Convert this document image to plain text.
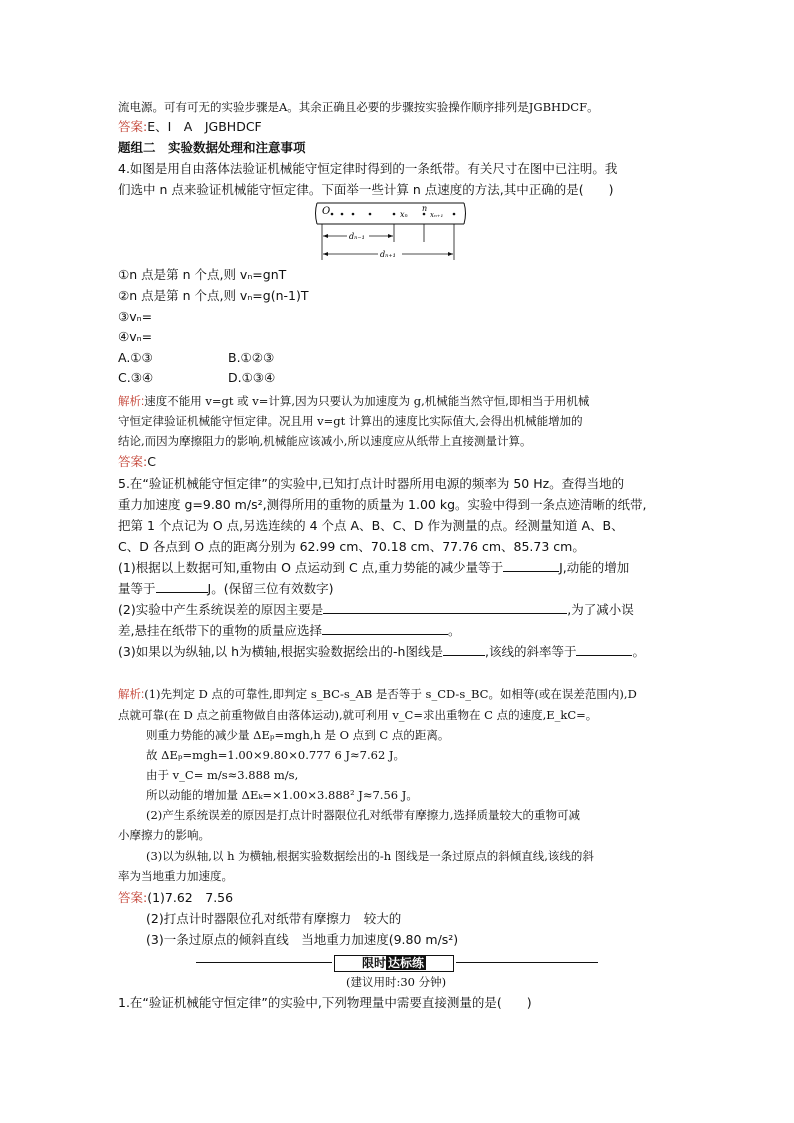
流电源。可有可无的实验步骤是A。其余正确且必要的步骤按实验操作顺序排列是JGBHDCF。
答案:E、I　A　JGBHDCF
题组二　实验数据处理和注意事项
4.如图是用自由落体法验证机械能守恒定律时得到的一条纸带。有关尺寸在图中已注明。我
们选中 n 点来验证机械能守恒定律。下面举一些计算 n 点速度的方法,其中正确的是(　　)
O	xₙ
n
xₙ₊₁
dₙ₋₁
dₙ₊₁
①n 点是第 n 个点,则 vₙ=gnT
②n 点是第 n 个点,则 vₙ=g(n-1)T
③vₙ=
④vₙ=
A.①③	B.①②③
C.③④	D.①③④
解析:速度不能用 v=gt 或 v=计算,因为只要认为加速度为 g,机械能当然守恒,即相当于用机械
守恒定律验证机械能守恒定律。况且用 v=gt 计算出的速度比实际值大,会得出机械能增加的
结论,而因为摩擦阻力的影响,机械能应该减小,所以速度应从纸带上直接测量计算。
答案:C
5.在“验证机械能守恒定律”的实验中,已知打点计时器所用电源的频率为 50 Hz。查得当地的
重力加速度 g=9.80 m/s²,测得所用的重物的质量为 1.00 kg。实验中得到一条点迹清晰的纸带,
把第 1 个点记为 O 点,另选连续的 4 个点 A、B、C、D 作为测量的点。经测量知道 A、B、
C、D 各点到 O 点的距离分别为 62.99 cm、70.18 cm、77.76 cm、85.73 cm。
(1)根据以上数据可知,重物由 O 点运动到 C 点,重力势能的减少量等于	J,动能的增加
量等于	J。(保留三位有效数字)
(2)实验中产生系统误差的原因主要是	,为了减小误
差,悬挂在纸带下的重物的质量应选择	。
(3)如果以为纵轴,以 h为横轴,根据实验数据绘出的-h图线是	,该线的斜率等于	。
解析:(1)先判定 D 点的可靠性,即判定 s_BC-s_AB 是否等于 s_CD-s_BC。如相等(或在误差范围内),D
点就可靠(在 D 点之前重物做自由落体运动),就可利用 v_C=求出重物在 C 点的速度,E_kC=。
则重力势能的减少量 ΔEₚ=mgh,h 是 O 点到 C 点的距离。
故 ΔEₚ=mgh=1.00×9.80×0.777 6 J≈7.62 J。
由于 v_C= m/s≈3.888 m/s,
所以动能的增加量 ΔEₖ=×1.00×3.888² J≈7.56 J。
(2)产生系统误差的原因是打点计时器限位孔对纸带有摩擦力,选择质量较大的重物可减
小摩擦力的影响。
(3)以为纵轴,以 h 为横轴,根据实验数据绘出的-h 图线是一条过原点的斜倾直线,该线的斜
率为当地重力加速度。
答案:(1)7.62　7.56
(2)打点计时器限位孔对纸带有摩擦力　较大的
(3)一条过原点的倾斜直线　当地重力加速度(9.80 m/s²)
限时 达标练
(建议用时:30 分钟)
1.在“验证机械能守恒定律”的实验中,下列物理量中需要直接测量的是(　　)
